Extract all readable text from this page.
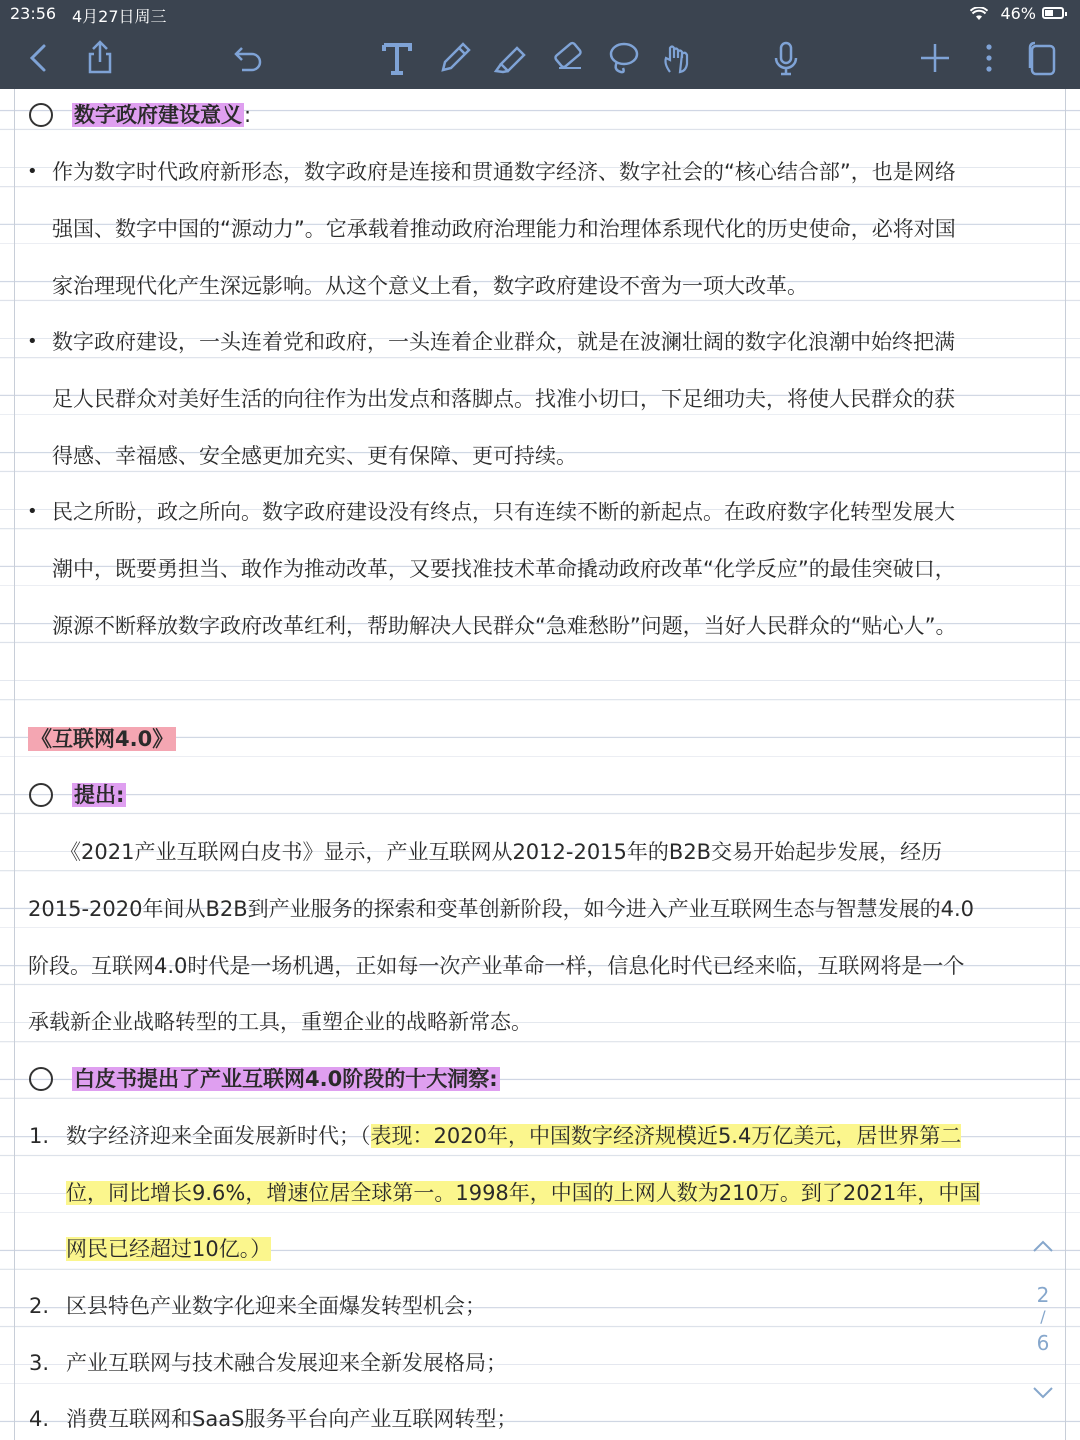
23:56 4月27日周三	46%
数字政府建设意义:
• 作为数字时代政府新形态，数字政府是连接和贯通数字经济、数字社会的“核心结合部”，也是网络
强国、数字中国的“源动力”。它承载着推动政府治理能力和治理体系现代化的历史使命，必将对国
家治理现代化产生深远影响。从这个意义上看，数字政府建设不啻为一项大改革。
• 数字政府建设，一头连着党和政府，一头连着企业群众，就是在波澜壮阔的数字化浪潮中始终把满
足人民群众对美好生活的向往作为出发点和落脚点。找准小切口，下足细功夫，将使人民群众的获
得感、幸福感、安全感更加充实、更有保障、更可持续。
• 民之所盼，政之所向。数字政府建设没有终点，只有连续不断的新起点。在政府数字化转型发展大
潮中，既要勇担当、敢作为推动改革，又要找准技术革命撬动政府改革“化学反应”的最佳突破口，
源源不断释放数字政府改革红利，帮助解决人民群众“急难愁盼”问题，当好人民群众的“贴心人”。
《互联网4.0》
提出:
《2021产业互联网白皮书》显示，产业互联网从2012-2015年的B2B交易开始起步发展，经历
2015-2020年间从B2B到产业服务的探索和变革创新阶段，如今进入产业互联网生态与智慧发展的4.0
阶段。互联网4.0时代是一场机遇，正如每一次产业革命一样，信息化时代已经来临，互联网将是一个
承载新企业战略转型的工具，重塑企业的战略新常态。
白皮书提出了产业互联网4.0阶段的十大洞察:
1. 数字经济迎来全面发展新时代；（表现：2020年，中国数字经济规模近5.4万亿美元，居世界第二
位，同比增长9.6%，增速位居全球第一。1998年，中国的上网人数为210万。到了2021年，中国
网民已经超过10亿。）
2. 区县特色产业数字化迎来全面爆发转型机会；
3. 产业互联网与技术融合发展迎来全新发展格局；
4. 消费互联网和SaaS服务平台向产业互联网转型；
2
/
6
